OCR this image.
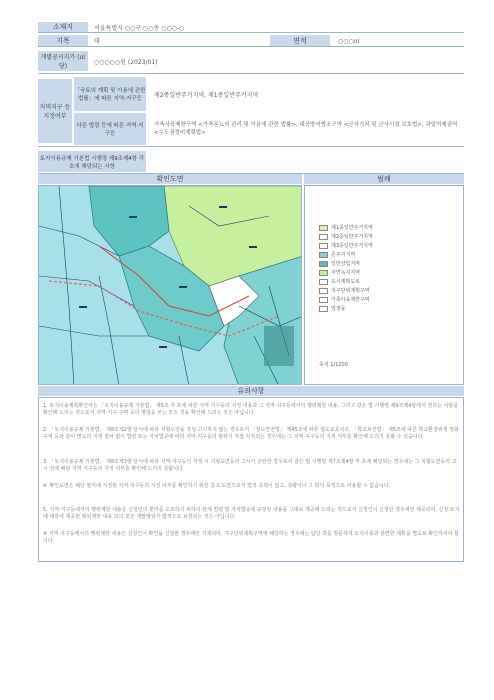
소재지	서울특별시 ○○구 ○○동 ○○○-○
지목	대	면적	○○○㎡
개별공시지가 (㎡당)
○○○○○원 (2023/01)
지역지구 등 지정여부
「국토의 계획 및 이용에 관한 법률」에 따른 지역·지구등
제2종일반주거지역, 제1종일반주거지역
다른 법령 등에 따른 지역·지구등
가축사육제한구역 <가축분뇨의 관리 및 이용에 관한 법률>, 대공방어협조구역 <군사기지 및 군사시설 보호법>, 과밀억제권역 <수도권정비계획법>
토지이용규제 기본법 시행령 제9조제4항 각 호에 해당되는 사항
확인도면	범례
제1종일반주거지역
제2종일반주거지역
제3종일반주거지역
준주거지역
일반상업지역
자연녹지지역
도시계획도로
지구단위계획구역
가축사육제한구역
법정동
축척 1/1200
유의사항
1. 토지이용계획확인서는 「토지이용규제 기본법」 제5조 각 호에 따른 지역·지구등의 지정 내용과 그 지역·지구등에서의 행위제한 내용, 그리고 같은 법 시행령 제9조제4항에서 정하는 사항을 확인해 드리는 것으로서 지역·지구·구역 등의 명칭을 쓰는 모든 것을 확인해 드리는 것은 아닙니다.
2. 「토지이용규제 기본법」 제8조제2항 단서에 따라 지형도면을 작성·고시하지 않는 경우로서 「철도안전법」 제45조에 따른 철도보호지구, 「학교보건법」 제5조에 따른 학교환경위생 정화구역 등과 같이 별도의 지정 절차 없이 법령 또는 자치법규에 따라 지역·지구등의 범위가 직접 지정되는 경우에는 그 지역·지구등의 지정 여부를 확인해 드리지 못할 수 있습니다.
3. 「토지이용규제 기본법」 제8조제3항 단서에 따라 지역·지구등의 지정 시 지형도면등의 고시가 곤란한 경우로서 같은 법 시행령 제7조제4항 각 호에 해당되는 경우에는 그 지형도면등의 고시 전에 해당 지역·지구등의 지정 여부를 확인해 드리지 못합니다.
4. 확인도면은 해당 필지에 지정된 지역·지구등의 지정 여부를 확인하기 위한 참고 도면으로서 법적 효력이 없고, 측량이나 그 밖의 목적으로 사용할 수 없습니다.
5. 지역·지구등에서의 행위제한 내용은 신청인의 편의를 도모하기 위하여 관계 법령 및 자치법규에 규정된 내용을 그대로 제공해 드리는 것으로서 신청인이 신청한 경우에만 제공되며, 신청 토지에 대하여 제공된 행위제한 내용 외의 모든 개발행위가 법적으로 보장되는 것은 아닙니다.
※ 지역·지구등에서의 행위제한 내용은 신청인이 확인을 신청한 경우에만 기재되며, 지구단위계획구역에 해당하는 경우에는 담당 과를 방문하여 토지이용과 관련한 계획을 별도로 확인하셔야 합니다.
